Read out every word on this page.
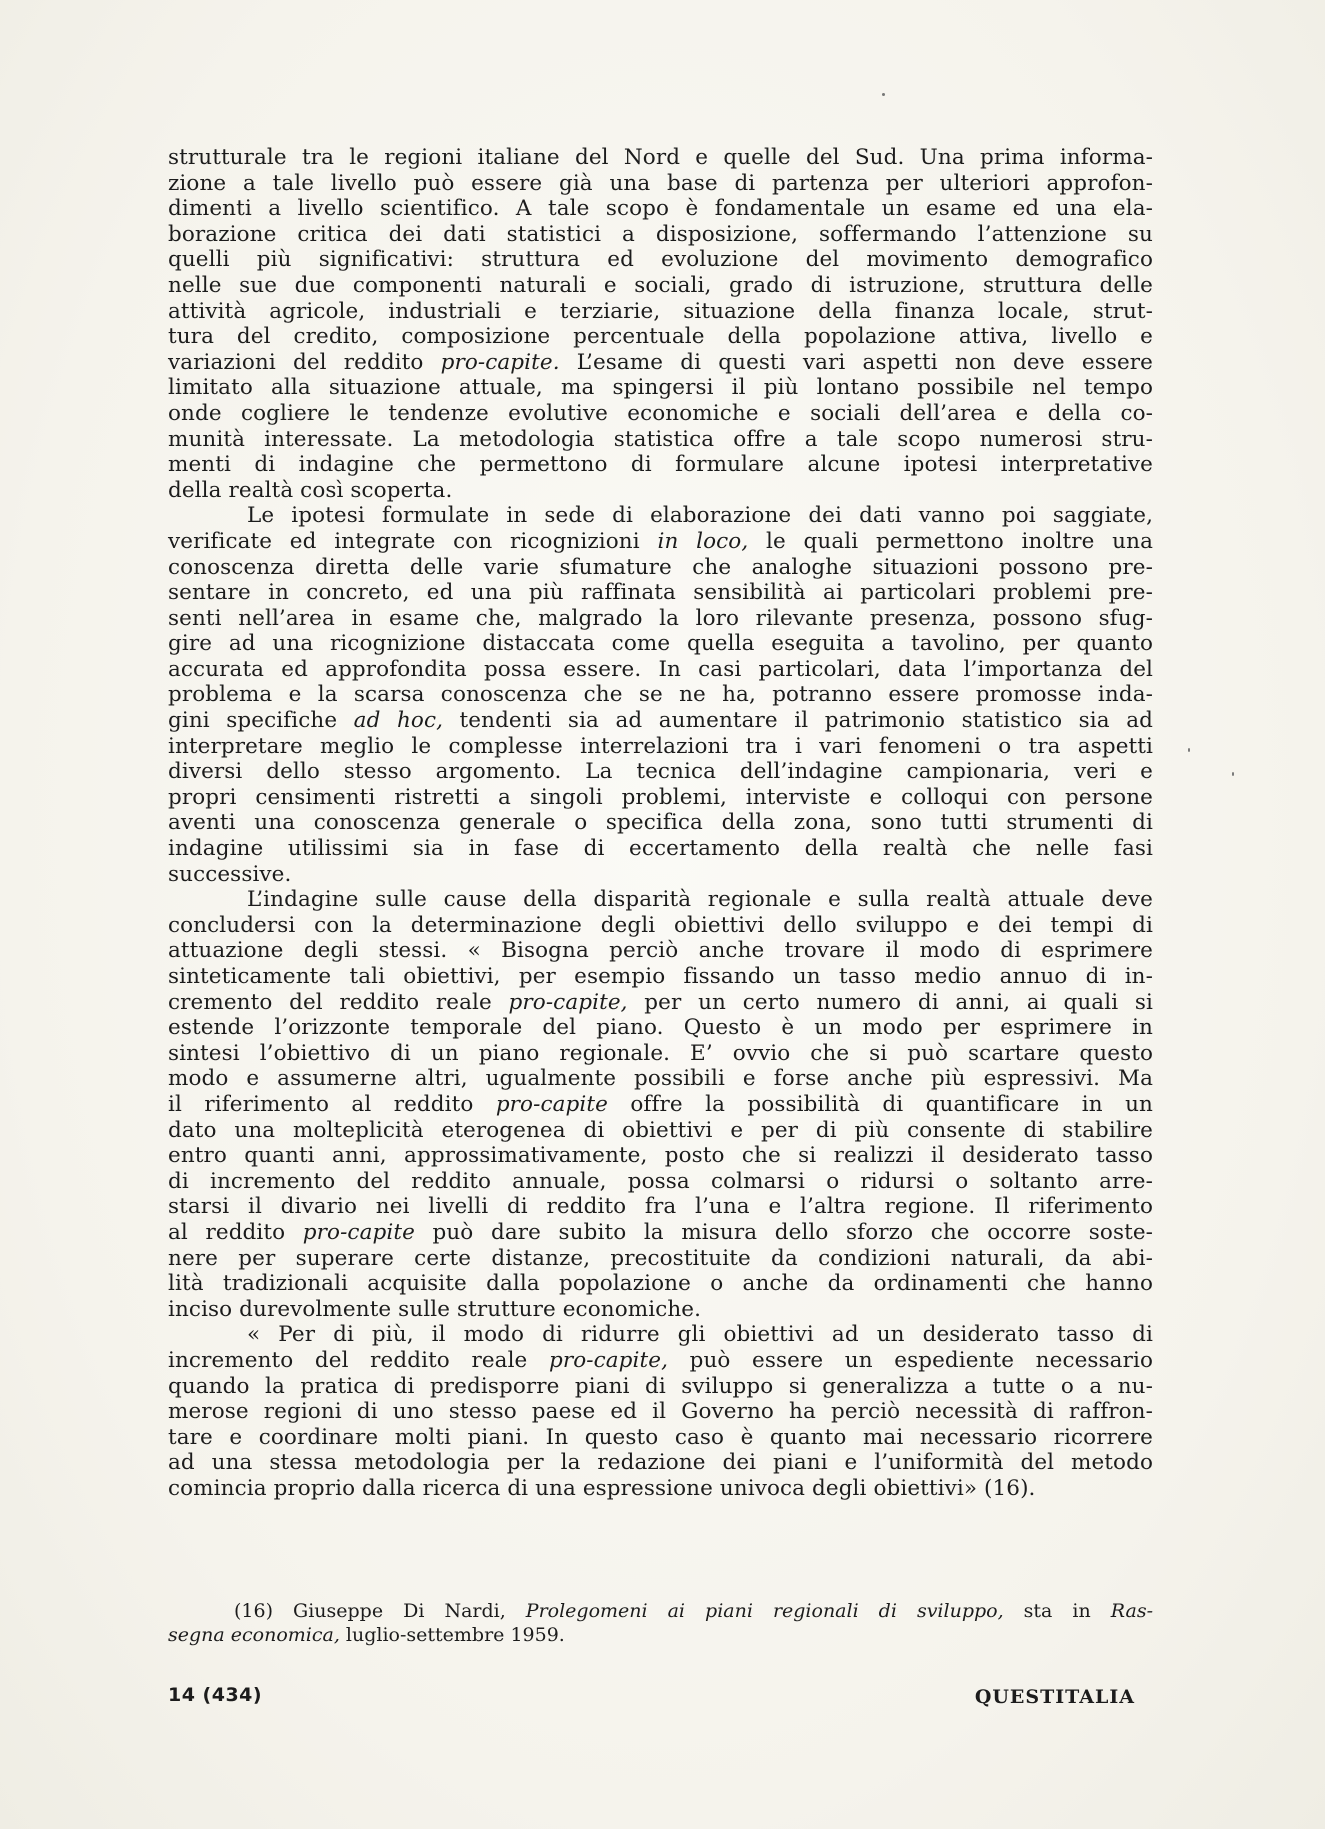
strutturale tra le regioni italiane del Nord e quelle del Sud. Una prima informa-
zione a tale livello può essere già una base di partenza per ulteriori approfon-
dimenti a livello scientifico. A tale scopo è fondamentale un esame ed una ela-
borazione critica dei dati statistici a disposizione, soffermando l’attenzione su
quelli più significativi: struttura ed evoluzione del movimento demografico
nelle sue due componenti naturali e sociali, grado di istruzione, struttura delle
attività agricole, industriali e terziarie, situazione della finanza locale, strut-
tura del credito, composizione percentuale della popolazione attiva, livello e
variazioni del reddito pro-capite. L’esame di questi vari aspetti non deve essere
limitato alla situazione attuale, ma spingersi il più lontano possibile nel tempo
onde cogliere le tendenze evolutive economiche e sociali dell’area e della co-
munità interessate. La metodologia statistica offre a tale scopo numerosi stru-
menti di indagine che permettono di formulare alcune ipotesi interpretative
della realtà così scoperta.
Le ipotesi formulate in sede di elaborazione dei dati vanno poi saggiate,
verificate ed integrate con ricognizioni in loco, le quali permettono inoltre una
conoscenza diretta delle varie sfumature che analoghe situazioni possono pre-
sentare in concreto, ed una più raffinata sensibilità ai particolari problemi pre-
senti nell’area in esame che, malgrado la loro rilevante presenza, possono sfug-
gire ad una ricognizione distaccata come quella eseguita a tavolino, per quanto
accurata ed approfondita possa essere. In casi particolari, data l’importanza del
problema e la scarsa conoscenza che se ne ha, potranno essere promosse inda-
gini specifiche ad hoc, tendenti sia ad aumentare il patrimonio statistico sia ad
interpretare meglio le complesse interrelazioni tra i vari fenomeni o tra aspetti
diversi dello stesso argomento. La tecnica dell’indagine campionaria, veri e
propri censimenti ristretti a singoli problemi, interviste e colloqui con persone
aventi una conoscenza generale o specifica della zona, sono tutti strumenti di
indagine utilissimi sia in fase di eccertamento della realtà che nelle fasi
successive.
L’indagine sulle cause della disparità regionale e sulla realtà attuale deve
concludersi con la determinazione degli obiettivi dello sviluppo e dei tempi di
attuazione degli stessi. « Bisogna perciò anche trovare il modo di esprimere
sinteticamente tali obiettivi, per esempio fissando un tasso medio annuo di in-
cremento del reddito reale pro-capite, per un certo numero di anni, ai quali si
estende l’orizzonte temporale del piano. Questo è un modo per esprimere in
sintesi l’obiettivo di un piano regionale. E’ ovvio che si può scartare questo
modo e assumerne altri, ugualmente possibili e forse anche più espressivi. Ma
il riferimento al reddito pro-capite offre la possibilità di quantificare in un
dato una molteplicità eterogenea di obiettivi e per di più consente di stabilire
entro quanti anni, approssimativamente, posto che si realizzi il desiderato tasso
di incremento del reddito annuale, possa colmarsi o ridursi o soltanto arre-
starsi il divario nei livelli di reddito fra l’una e l’altra regione. Il riferimento
al reddito pro-capite può dare subito la misura dello sforzo che occorre soste-
nere per superare certe distanze, precostituite da condizioni naturali, da abi-
lità tradizionali acquisite dalla popolazione o anche da ordinamenti che hanno
inciso durevolmente sulle strutture economiche.
« Per di più, il modo di ridurre gli obiettivi ad un desiderato tasso di
incremento del reddito reale pro-capite, può essere un espediente necessario
quando la pratica di predisporre piani di sviluppo si generalizza a tutte o a nu-
merose regioni di uno stesso paese ed il Governo ha perciò necessità di raffron-
tare e coordinare molti piani. In questo caso è quanto mai necessario ricorrere
ad una stessa metodologia per la redazione dei piani e l’uniformità del metodo
comincia proprio dalla ricerca di una espressione univoca degli obiettivi» (16).
(16) Giuseppe Di Nardi, Prolegomeni ai piani regionali di sviluppo, sta in Ras-
segna economica, luglio-settembre 1959.
14 (434)	QUESTITALIA
